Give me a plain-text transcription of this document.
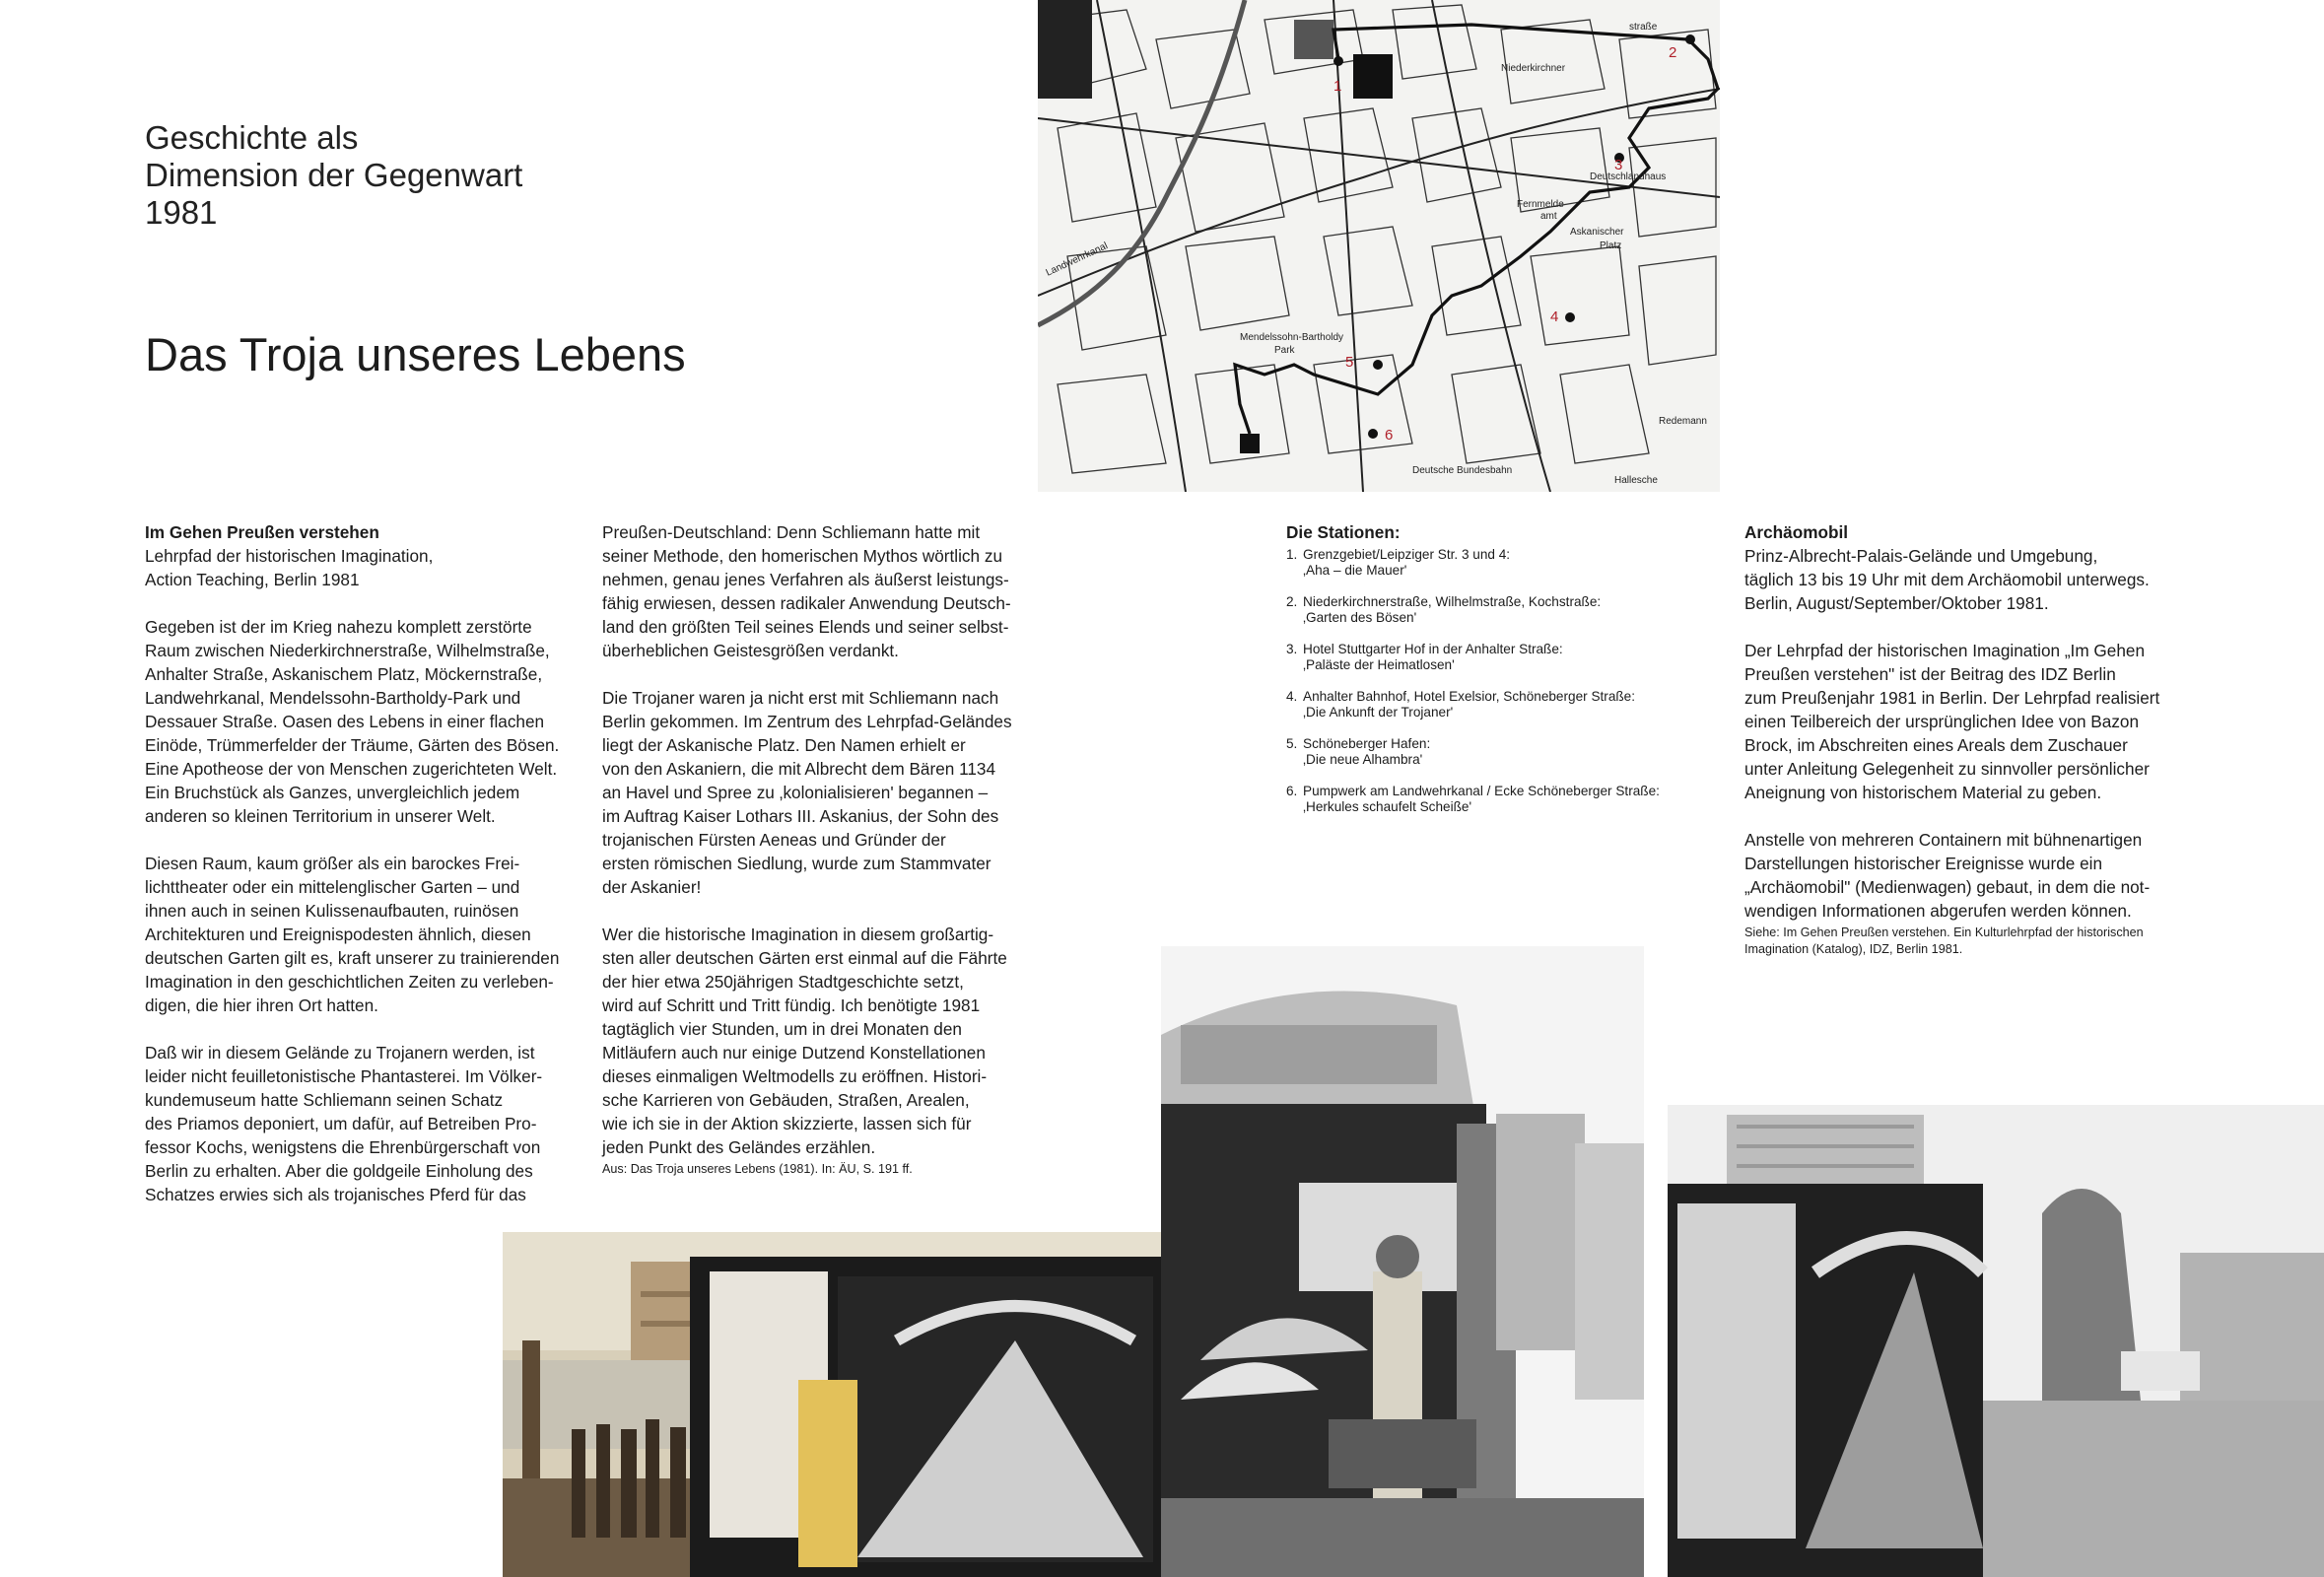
Geschichte als
Dimension der Gegenwart
1981
Das Troja unseres Lebens
1
2
3
4
5
6
Niederkirchner
straße
Fernmelde
amt
Askanischer
Platz
Deutschlandhaus
Landwehrkanal
Mendelssohn-Bartholdy
Park
Hallesche
Redemann
Deutsche Bundesbahn

Im Gehen Preußen verstehen
Lehrpfad der historischen Imagination,
Action Teaching, Berlin 1981

Gegeben ist der im Krieg nahezu komplett zerstörte
Raum zwischen Niederkirchnerstraße, Wilhelmstraße,
Anhalter Straße, Askanischem Platz, Möckernstraße,
Landwehrkanal, Mendelssohn-Bartholdy-Park und
Dessauer Straße. Oasen des Lebens in einer flachen
Einöde, Trümmerfelder der Träume, Gärten des Bösen.
Eine Apotheose der von Menschen zugerichteten Welt.
Ein Bruchstück als Ganzes, unvergleichlich jedem
anderen so kleinen Territorium in unserer Welt.

Diesen Raum, kaum größer als ein barockes Frei-
lichttheater oder ein mittelenglischer Garten – und
ihnen auch in seinen Kulissenaufbauten, ruinösen
Architekturen und Ereignispodesten ähnlich, diesen
deutschen Garten gilt es, kraft unserer zu trainierenden
Imagination in den geschichtlichen Zeiten zu verleben-
digen, die hier ihren Ort hatten.

Daß wir in diesem Gelände zu Trojanern werden, ist
leider nicht feuilletonistische Phantasterei. Im Völker-
kundemuseum hatte Schliemann seinen Schatz
des Priamos deponiert, um dafür, auf Betreiben Pro-
fessor Kochs, wenigstens die Ehrenbürgerschaft von
Berlin zu erhalten. Aber die goldgeile Einholung des
Schatzes erwies sich als trojanisches Pferd für das

Preußen-Deutschland: Denn Schliemann hatte mit
seiner Methode, den homerischen Mythos wörtlich zu
nehmen, genau jenes Verfahren als äußerst leistungs-
fähig erwiesen, dessen radikaler Anwendung Deutsch-
land den größten Teil seines Elends und seiner selbst-
überheblichen Geistesgrößen verdankt.

Die Trojaner waren ja nicht erst mit Schliemann nach
Berlin gekommen. Im Zentrum des Lehrpfad-Geländes
liegt der Askanische Platz. Den Namen erhielt er
von den Askaniern, die mit Albrecht dem Bären 1134
an Havel und Spree zu ‚kolonialisieren' begannen –
im Auftrag Kaiser Lothars III. Askanius, der Sohn des
trojanischen Fürsten Aeneas und Gründer der
ersten römischen Siedlung, wurde zum Stammvater
der Askanier!

Wer die historische Imagination in diesem großartig-
sten aller deutschen Gärten erst einmal auf die Fährte
der hier etwa 250jährigen Stadtgeschichte setzt,
wird auf Schritt und Tritt fündig. Ich benötigte 1981
tagtäglich vier Stunden, um in drei Monaten den
Mitläufern auch nur einige Dutzend Konstellationen
dieses einmaligen Weltmodells zu eröffnen. Histori-
sche Karrieren von Gebäuden, Straßen, Arealen,
wie ich sie in der Aktion skizzierte, lassen sich für
jeden Punkt des Geländes erzählen.

Aus: Das Troja unseres Lebens (1981). In: ÄU, S. 191 ff.
Die Stationen:
1. Grenzgebiet/Leipziger Str. 3 und 4:
‚Aha – die Mauer'
2. Niederkirchnerstraße, Wilhelmstraße, Kochstraße:
‚Garten des Bösen'
3. Hotel Stuttgarter Hof in der Anhalter Straße:
‚Paläste der Heimatlosen'
4. Anhalter Bahnhof, Hotel Exelsior, Schöneberger Straße:
‚Die Ankunft der Trojaner'
5. Schöneberger Hafen:
‚Die neue Alhambra'
6. Pumpwerk am Landwehrkanal / Ecke Schöneberger Straße:
‚Herkules schaufelt Scheiße'

Archäomobil
Prinz-Albrecht-Palais-Gelände und Umgebung,
täglich 13 bis 19 Uhr mit dem Archäomobil unterwegs.
Berlin, August/September/Oktober 1981.

Der Lehrpfad der historischen Imagination „Im Gehen
Preußen verstehen" ist der Beitrag des IDZ Berlin
zum Preußenjahr 1981 in Berlin. Der Lehrpfad realisiert
einen Teilbereich der ursprünglichen Idee von Bazon
Brock, im Abschreiten eines Areals dem Zuschauer
unter Anleitung Gelegenheit zu sinnvoller persönlicher
Aneignung von historischem Material zu geben.

Anstelle von mehreren Containern mit bühnenartigen
Darstellungen historischer Ereignisse wurde ein
„Archäomobil" (Medienwagen) gebaut, in dem die not-
wendigen Informationen abgerufen werden können.

Siehe: Im Gehen Preußen verstehen. Ein Kulturlehrpfad der historischen
Imagination (Katalog), IDZ, Berlin 1981.
